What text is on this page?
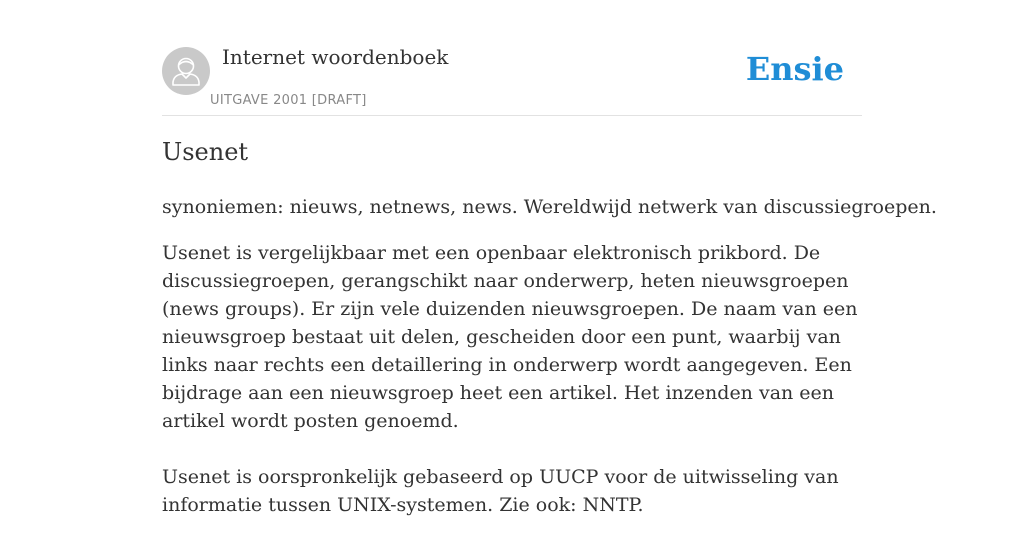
Internet woordenboek
UITGAVE 2001 [DRAFT]
Ensie
Usenet
synoniemen: nieuws, netnews, news. Wereldwijd netwerk van discussiegroepen.

Usenet is vergelijkbaar met een openbaar elektronisch prikbord. De discussiegroepen, gerangschikt naar onderwerp, heten nieuwsgroepen (news groups). Er zijn vele duizenden nieuwsgroepen. De naam van een nieuwsgroep bestaat uit delen, gescheiden door een punt, waarbij van links naar rechts een detaillering in onderwerp wordt aangegeven. Een bijdrage aan een nieuwsgroep heet een artikel. Het inzenden van een artikel wordt posten genoemd.

Usenet is oorspronkelijk gebaseerd op UUCP voor de uitwisseling van informatie tussen UNIX-systemen. Zie ook: NNTP.
